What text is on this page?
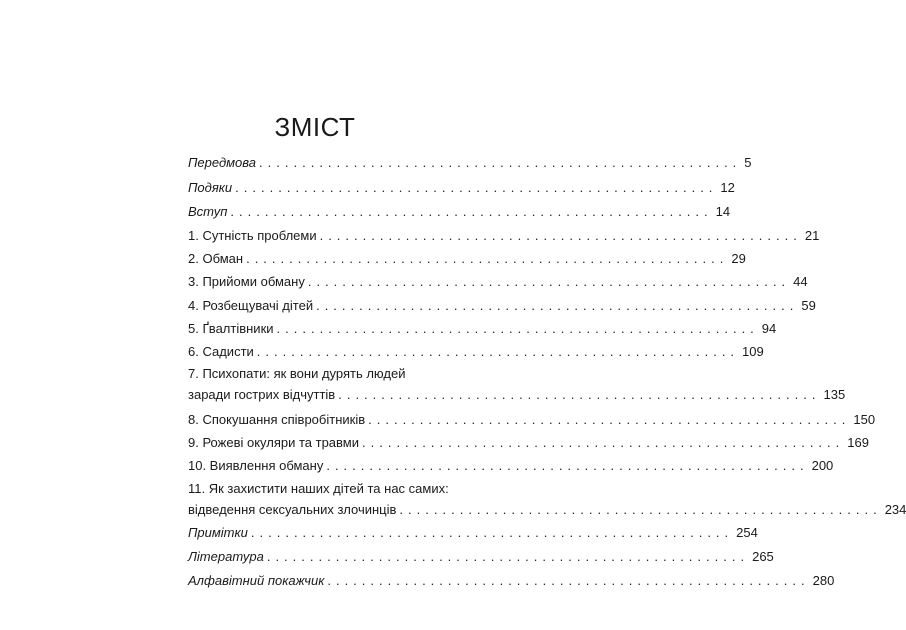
ЗМІСТ
Передмова ........................................................ 5
Подяки ........................................................ 12
Вступ ........................................................ 14
1. Сутність проблеми ........................................................ 21
2. Обман ........................................................ 29
3. Прийоми обману ........................................................ 44
4. Розбещувачі дітей ........................................................ 59
5. Ґвалтівники ........................................................ 94
6. Садисти ........................................................ 109
7. Психопати: як вони дурять людей
заради гострих відчуттів ........................................................ 135
8. Спокушання співробітників ........................................................ 150
9. Рожеві окуляри та травми ........................................................ 169
10. Виявлення обману ........................................................ 200
11. Як захистити наших дітей та нас самих:
відведення сексуальних злочинців ........................................................ 234
Примітки ........................................................ 254
Література ........................................................ 265
Алфавітний покажчик ........................................................ 280
